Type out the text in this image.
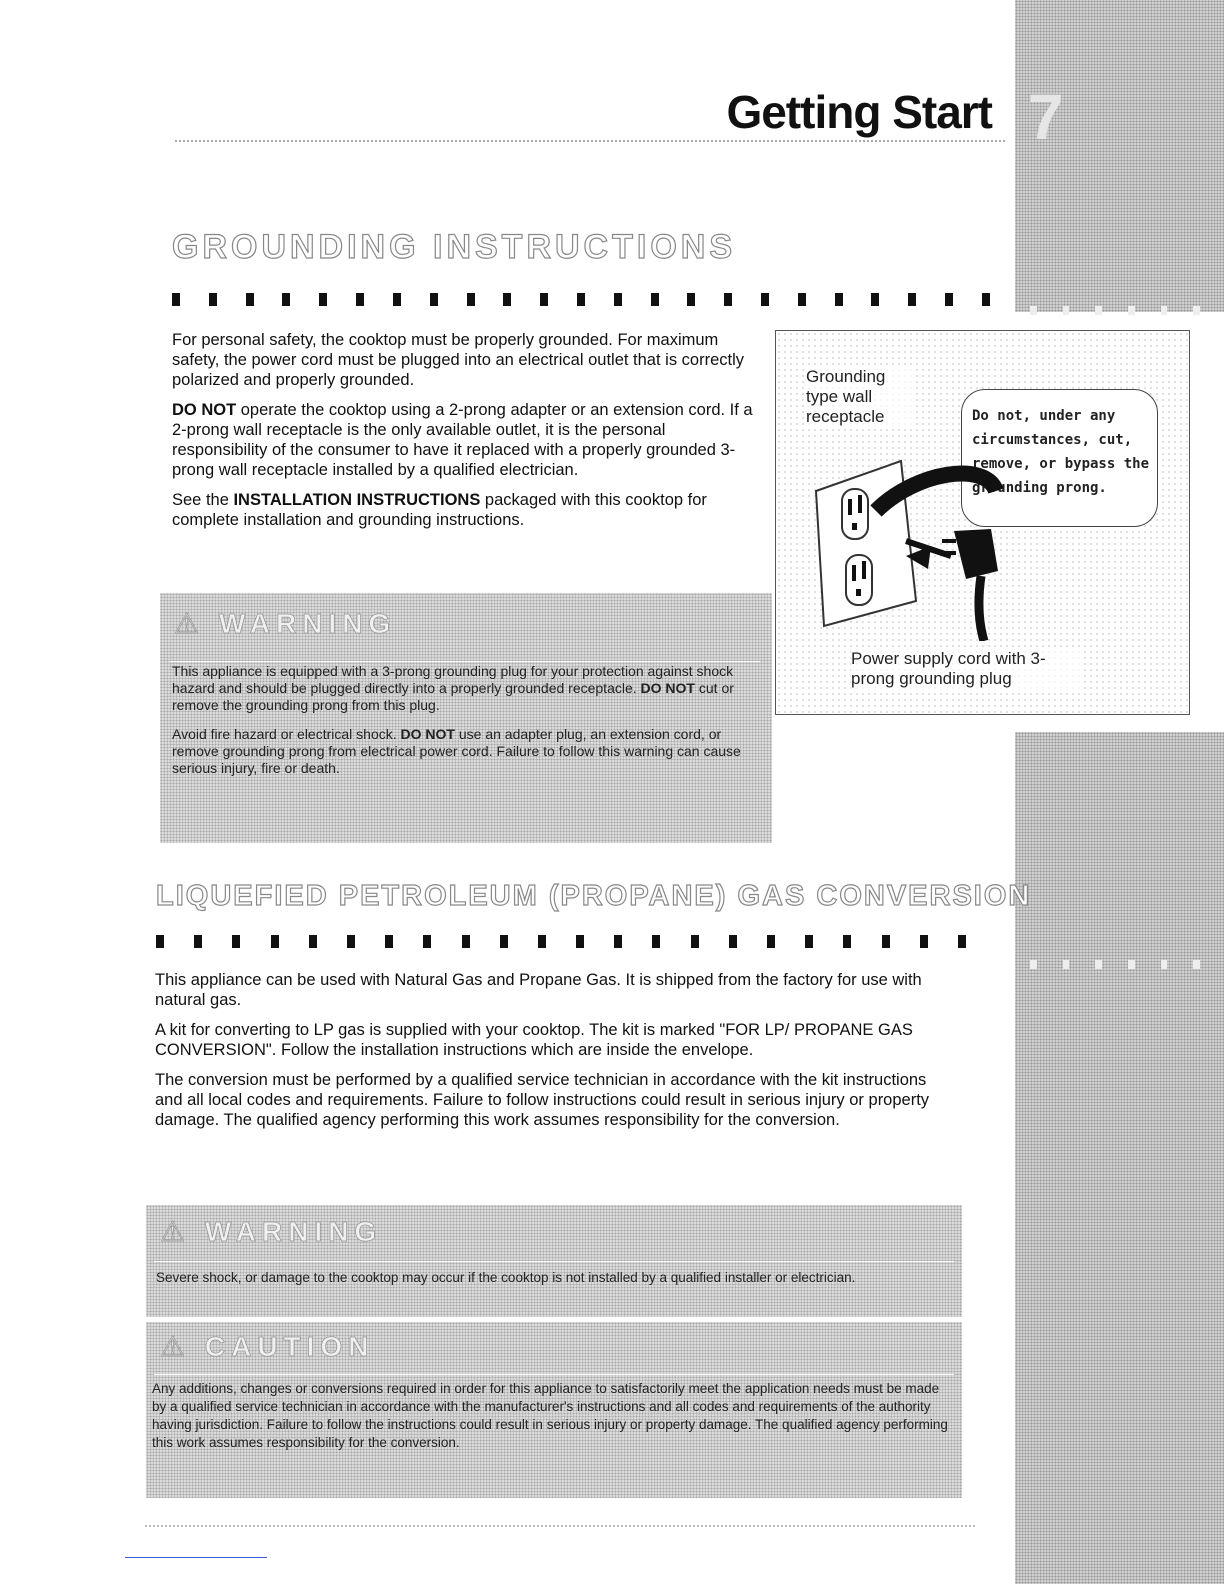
7
Getting Start
GROUNDING INSTRUCTIONS

For personal safety, the cooktop must be properly grounded. For maximum safety, the power cord must be plugged into an electrical outlet that is correctly polarized and properly grounded.

DO NOT operate the cooktop using a 2-prong adapter or an extension cord. If a 2-prong wall receptacle is the only available outlet, it is the personal responsibility of the consumer to have it replaced with a properly grounded 3-prong wall receptacle installed by a qualified electrician.

See the INSTALLATION INSTRUCTIONS packaged with this cooktop for complete installation and grounding instructions.

Grounding type wall receptacle	Do not, under any circumstances, cut, remove, or bypass the grounding prong.
Power supply cord with 3-prong grounding plug
⚠ WARNING

This appliance is equipped with a 3-prong grounding plug for your protection against shock hazard and should be plugged directly into a properly grounded receptacle. DO NOT cut or remove the grounding prong from this plug.

Avoid fire hazard or electrical shock. DO NOT use an adapter plug, an extension cord, or remove grounding prong from electrical power cord. Failure to follow this warning can cause serious injury, fire or death.

LIQUEFIED PETROLEUM (PROPANE) GAS CONVERSION

This appliance can be used with Natural Gas and Propane Gas. It is shipped from the factory for use with natural gas.

A kit for converting to LP gas is supplied with your cooktop. The kit is marked "FOR LP/ PROPANE GAS CONVERSION". Follow the installation instructions which are inside the envelope.

The conversion must be performed by a qualified service technician in accordance with the kit instructions and all local codes and requirements. Failure to follow instructions could result in serious injury or property damage. The qualified agency performing this work assumes responsibility for the conversion.

⚠ WARNING
Severe shock, or damage to the cooktop may occur if the cooktop is not installed by a qualified installer or electrician.
⚠ CAUTION
Any additions, changes or conversions required in order for this appliance to satisfactorily meet the application needs must be made by a qualified service technician in accordance with the manufacturer's instructions and all codes and requirements of the authority having jurisdiction. Failure to follow the instructions could result in serious injury or property damage. The qualified agency performing this work assumes responsibility for the conversion.
